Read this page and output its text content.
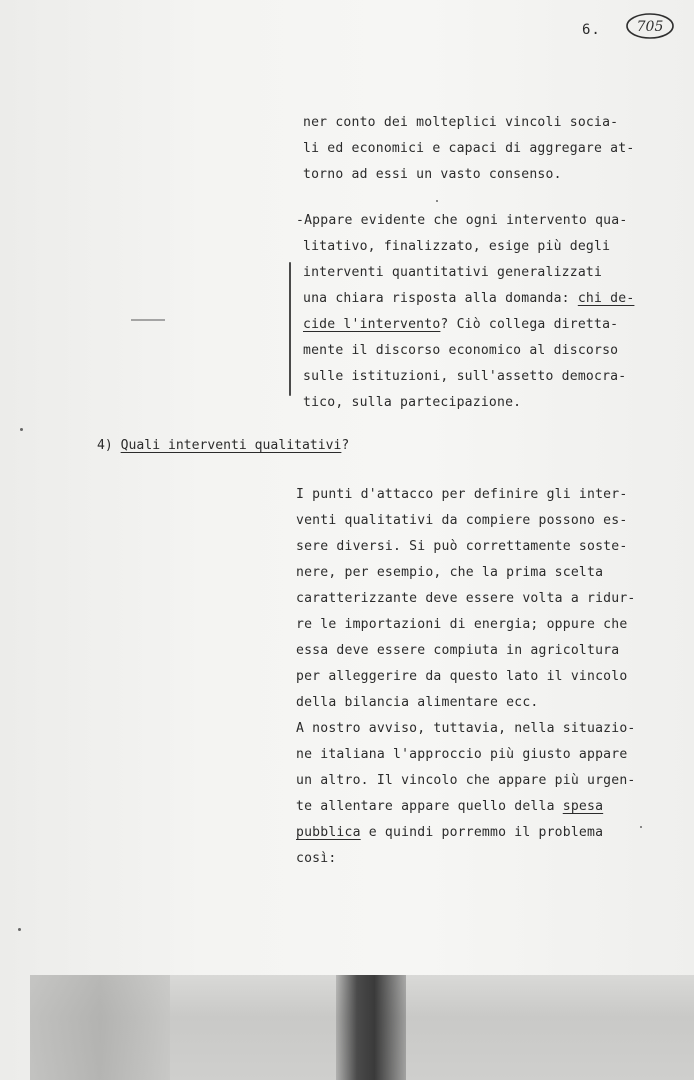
6.	705
ner conto dei molteplici vincoli socia-
li ed economici e capaci di aggregare at-
torno ad essi un vasto consenso.
-Appare evidente che ogni intervento qua-
litativo, finalizzato, esige più degli
interventi quantitativi generalizzati
una chiara risposta alla domanda: chi de-
cide l'intervento? Ciò collega diretta-
mente il discorso economico al discorso
sulle istituzioni, sull'assetto democra-
tico, sulla partecipazione.
4) Quali interventi qualitativi?
I punti d'attacco per definire gli inter-
venti qualitativi da compiere possono es-
sere diversi. Si può correttamente soste-
nere, per esempio, che la prima scelta
caratterizzante deve essere volta a ridur-
re le importazioni di energia; oppure che
essa deve essere compiuta in agricoltura
per alleggerire da questo lato il vincolo
della bilancia alimentare ecc.
A nostro avviso, tuttavia, nella situazio-
ne italiana l'approccio più giusto appare
un altro. Il vincolo che appare più urgen-
te allentare appare quello della spesa
pubblica e quindi porremmo il problema
così:
